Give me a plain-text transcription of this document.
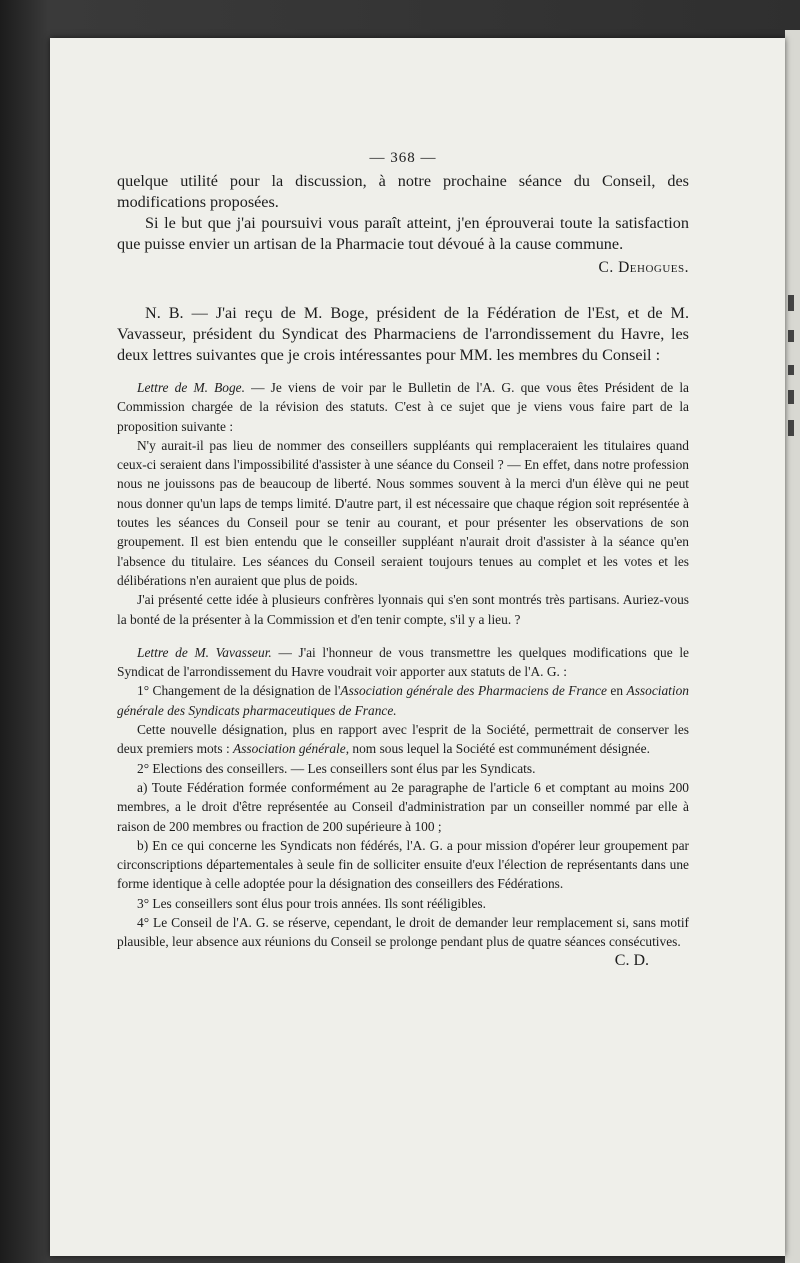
— 368 —

quelque utilité pour la discussion, à notre prochaine séance du Conseil, des modifications proposées.

Si le but que j'ai poursuivi vous paraît atteint, j'en éprouverai toute la satisfaction que puisse envier un artisan de la Pharmacie tout dévoué à la cause commune.

C. Dehogues.

N. B. — J'ai reçu de M. Boge, président de la Fédération de l'Est, et de M. Vavasseur, président du Syndicat des Pharmaciens de l'arrondissement du Havre, les deux lettres suivantes que je crois intéressantes pour MM. les membres du Conseil :

Lettre de M. Boge. — Je viens de voir par le Bulletin de l'A. G. que vous êtes Président de la Commission chargée de la révision des statuts. C'est à ce sujet que je viens vous faire part de la proposition suivante :

N'y aurait-il pas lieu de nommer des conseillers suppléants qui remplaceraient les titulaires quand ceux-ci seraient dans l'impossibilité d'assister à une séance du Conseil ? — En effet, dans notre profession nous ne jouissons pas de beaucoup de liberté. Nous sommes souvent à la merci d'un élève qui ne peut nous donner qu'un laps de temps limité. D'autre part, il est nécessaire que chaque région soit représentée à toutes les séances du Conseil pour se tenir au courant, et pour présenter les observations de son groupement. Il est bien entendu que le conseiller suppléant n'aurait droit d'assister à la séance qu'en l'absence du titulaire. Les séances du Conseil seraient toujours tenues au complet et les votes et les délibérations n'en auraient que plus de poids.

J'ai présenté cette idée à plusieurs confrères lyonnais qui s'en sont montrés très partisans. Auriez-vous la bonté de la présenter à la Commission et d'en tenir compte, s'il y a lieu. ?

Lettre de M. Vavasseur. — J'ai l'honneur de vous transmettre les quelques modifications que le Syndicat de l'arrondissement du Havre voudrait voir apporter aux statuts de l'A. G. :

1° Changement de la désignation de l'Association générale des Pharmaciens de France en Association générale des Syndicats pharmaceutiques de France.

Cette nouvelle désignation, plus en rapport avec l'esprit de la Société, permettrait de conserver les deux premiers mots : Association générale, nom sous lequel la Société est communément désignée.

2° Elections des conseillers. — Les conseillers sont élus par les Syndicats.

a) Toute Fédération formée conformément au 2e paragraphe de l'article 6 et comptant au moins 200 membres, a le droit d'être représentée au Conseil d'administration par un conseiller nommé par elle à raison de 200 membres ou fraction de 200 supérieure à 100 ;

b) En ce qui concerne les Syndicats non fédérés, l'A. G. a pour mission d'opérer leur groupement par circonscriptions départementales à seule fin de solliciter ensuite d'eux l'élection de représentants dans une forme identique à celle adoptée pour la désignation des conseillers des Fédérations.

3° Les conseillers sont élus pour trois années. Ils sont rééligibles.

4° Le Conseil de l'A. G. se réserve, cependant, le droit de demander leur remplacement si, sans motif plausible, leur absence aux réunions du Conseil se prolonge pendant plus de quatre séances consécutives.

C. D.
